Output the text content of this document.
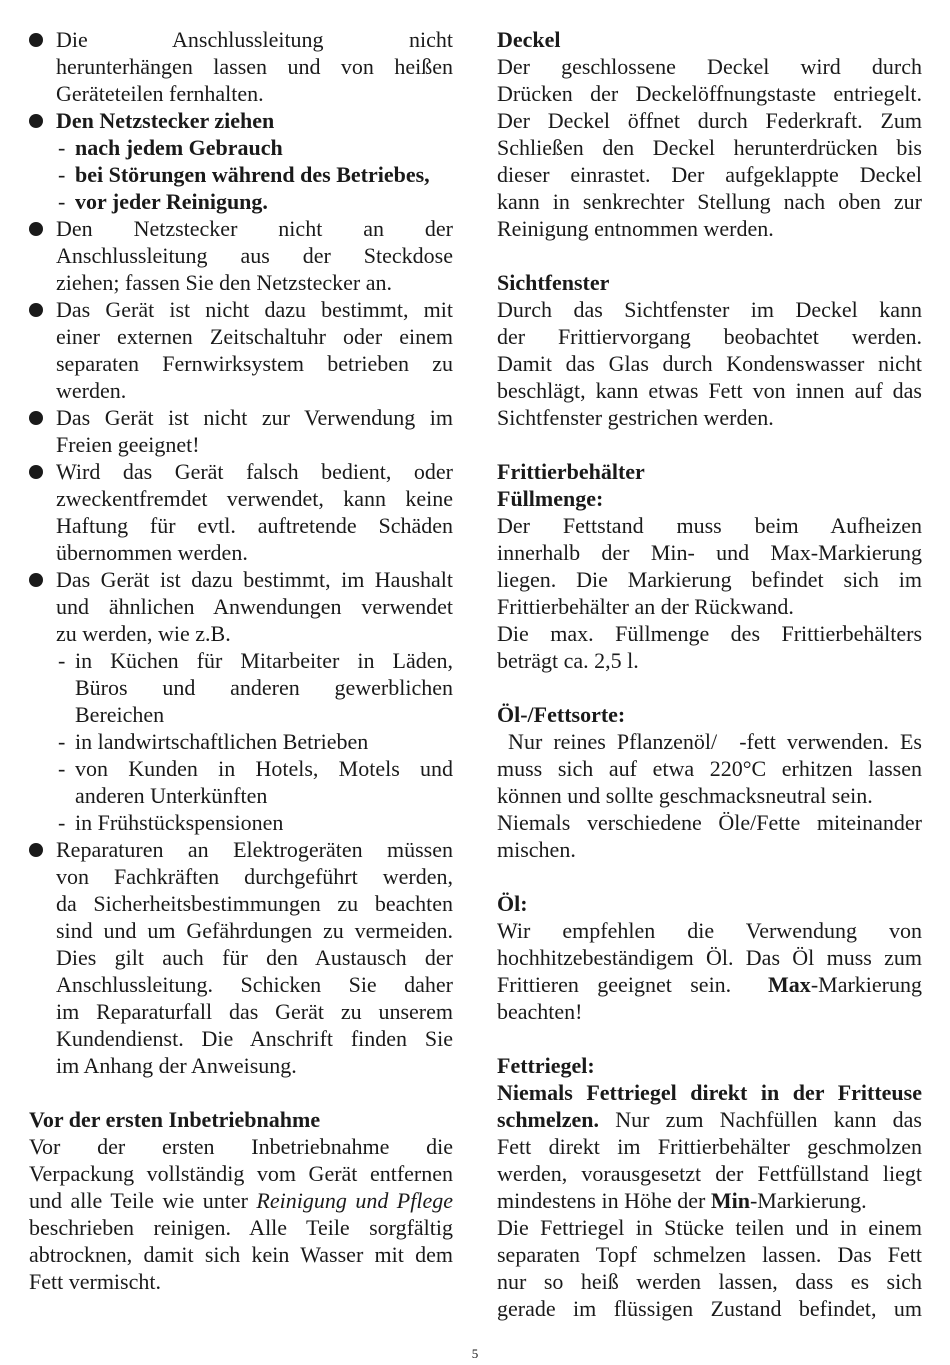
Die Anschlussleitung nicht

herunterhängen lassen und von heißen

Geräteteilen fernhalten.

Den Netzstecker ziehen

- nach jedem Gebrauch
- bei Störungen während des Betriebes,
- vor jeder Reinigung.

Den Netzstecker nicht an der

Anschlussleitung aus der Steckdose

ziehen; fassen Sie den Netzstecker an.

Das Gerät ist nicht dazu bestimmt, mit

einer externen Zeitschaltuhr oder einem

separaten Fernwirksystem betrieben zu

werden.

Das Gerät ist nicht zur Verwendung im

Freien geeignet!

Wird das Gerät falsch bedient, oder

zweckentfremdet verwendet, kann keine

Haftung für evtl. auftretende Schäden

übernommen werden.

Das Gerät ist dazu bestimmt, im Haushalt

und ähnlichen Anwendungen verwendet

zu werden, wie z.B.

- in Küchen für Mitarbeiter in Läden,

Büros und anderen gewerblichen

Bereichen

- in landwirtschaftlichen Betrieben

- von Kunden in Hotels, Motels und

anderen Unterkünften

- in Frühstückspensionen

Reparaturen an Elektrogeräten müssen

von Fachkräften durchgeführt werden,

da Sicherheitsbestimmungen zu beachten

sind und um Gefährdungen zu vermeiden.

Dies gilt auch für den Austausch der

Anschlussleitung. Schicken Sie daher

im Reparaturfall das Gerät zu unserem

Kundendienst. Die Anschrift finden Sie

im Anhang der Anweisung.

Vor der ersten Inbetriebnahme

Vor der ersten Inbetriebnahme die

Verpackung vollständig vom Gerät entfernen

und alle Teile wie unter Reinigung und Pflege

beschrieben reinigen. Alle Teile sorgfältig

abtrocknen, damit sich kein Wasser mit dem

Fett vermischt.

Deckel

Der geschlossene Deckel wird durch

Drücken der Deckelöffnungstaste entriegelt.

Der Deckel öffnet durch Federkraft. Zum

Schließen den Deckel herunterdrücken bis

dieser einrastet. Der aufgeklappte Deckel

kann in senkrechter Stellung nach oben zur

Reinigung entnommen werden.

Sichtfenster

Durch das Sichtfenster im Deckel kann

der Frittiervorgang beobachtet werden.

Damit das Glas durch Kondenswasser nicht

beschlägt, kann etwas Fett von innen auf das

Sichtfenster gestrichen werden.

Frittierbehälter

Füllmenge:

Der Fettstand muss beim Aufheizen

innerhalb der Min- und Max-Markierung

liegen. Die Markierung befindet sich im

Frittierbehälter an der Rückwand.

Die max. Füllmenge des Frittierbehälters

beträgt ca. 2,5 l.

Öl-/Fettsorte:

Nur reines Pflanzenöl/  -fett verwenden. Es

muss sich auf etwa 220°C erhitzen lassen

können und sollte geschmacksneutral sein.

Niemals verschiedene Öle/Fette miteinander

mischen.

Öl:

Wir empfehlen die Verwendung von

hochhitzebeständigem Öl. Das Öl muss zum

Frittieren geeignet sein.  Max-Markierung

beachten!

Fettriegel:

Niemals Fettriegel direkt in der Fritteuse

schmelzen. Nur zum Nachfüllen kann das

Fett direkt im Frittierbehälter geschmolzen

werden, vorausgesetzt der Fettfüllstand liegt

mindestens in Höhe der Min-Markierung.

Die Fettriegel in Stücke teilen und in einem

separaten Topf schmelzen lassen. Das Fett

nur so heiß werden lassen, dass es sich

gerade im flüssigen Zustand befindet, um

5
